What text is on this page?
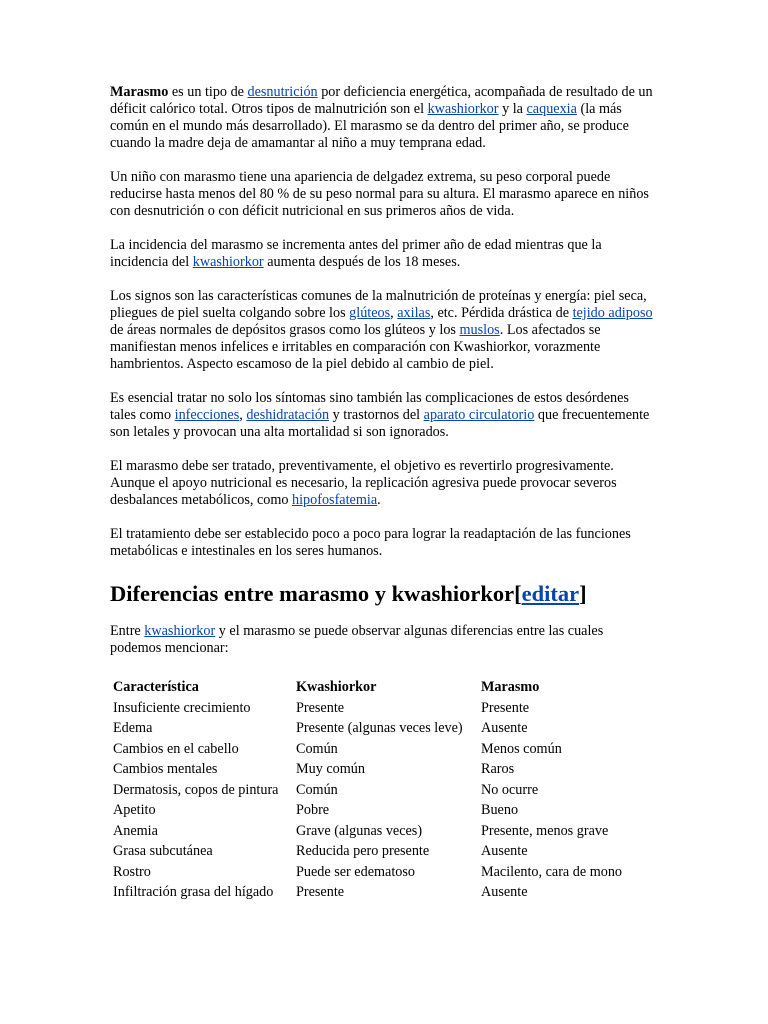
Marasmo es un tipo de desnutrición por deficiencia energética, acompañada de resultado de un déficit calórico total. Otros tipos de malnutrición son el kwashiorkor y la caquexia (la más común en el mundo más desarrollado). El marasmo se da dentro del primer año, se produce cuando la madre deja de amamantar al niño a muy temprana edad.

Un niño con marasmo tiene una apariencia de delgadez extrema, su peso corporal puede reducirse hasta menos del 80 % de su peso normal para su altura. El marasmo aparece en niños con desnutrición o con déficit nutricional en sus primeros años de vida.

La incidencia del marasmo se incrementa antes del primer año de edad mientras que la incidencia del kwashiorkor aumenta después de los 18 meses.

Los signos son las características comunes de la malnutrición de proteínas y energía: piel seca, pliegues de piel suelta colgando sobre los glúteos, axilas, etc. Pérdida drástica de tejido adiposo de áreas normales de depósitos grasos como los glúteos y los muslos. Los afectados se manifiestan menos infelices e irritables en comparación con Kwashiorkor, vorazmente hambrientos. Aspecto escamoso de la piel debido al cambio de piel.

Es esencial tratar no solo los síntomas sino también las complicaciones de estos desórdenes tales como infecciones, deshidratación y trastornos del aparato circulatorio que frecuentemente son letales y provocan una alta mortalidad si son ignorados.

El marasmo debe ser tratado, preventivamente, el objetivo es revertirlo progresivamente. Aunque el apoyo nutricional es necesario, la replicación agresiva puede provocar severos desbalances metabólicos, como hipofosfatemia.

El tratamiento debe ser establecido poco a poco para lograr la readaptación de las funciones metabólicas e intestinales en los seres humanos.

Diferencias entre marasmo y kwashiorkor[editar]

Entre kwashiorkor y el marasmo se puede observar algunas diferencias entre las cuales podemos mencionar:

Característica	Kwashiorkor	Marasmo
Insuficiente crecimiento	Presente	Presente
Edema	Presente (algunas veces leve)	Ausente
Cambios en el cabello	Común	Menos común
Cambios mentales	Muy común	Raros
Dermatosis, copos de pintura	Común	No ocurre
Apetito	Pobre	Bueno
Anemia	Grave (algunas veces)	Presente, menos grave
Grasa subcutánea	Reducida pero presente	Ausente
Rostro	Puede ser edematoso	Macilento, cara de mono
Infiltración grasa del hígado	Presente	Ausente
